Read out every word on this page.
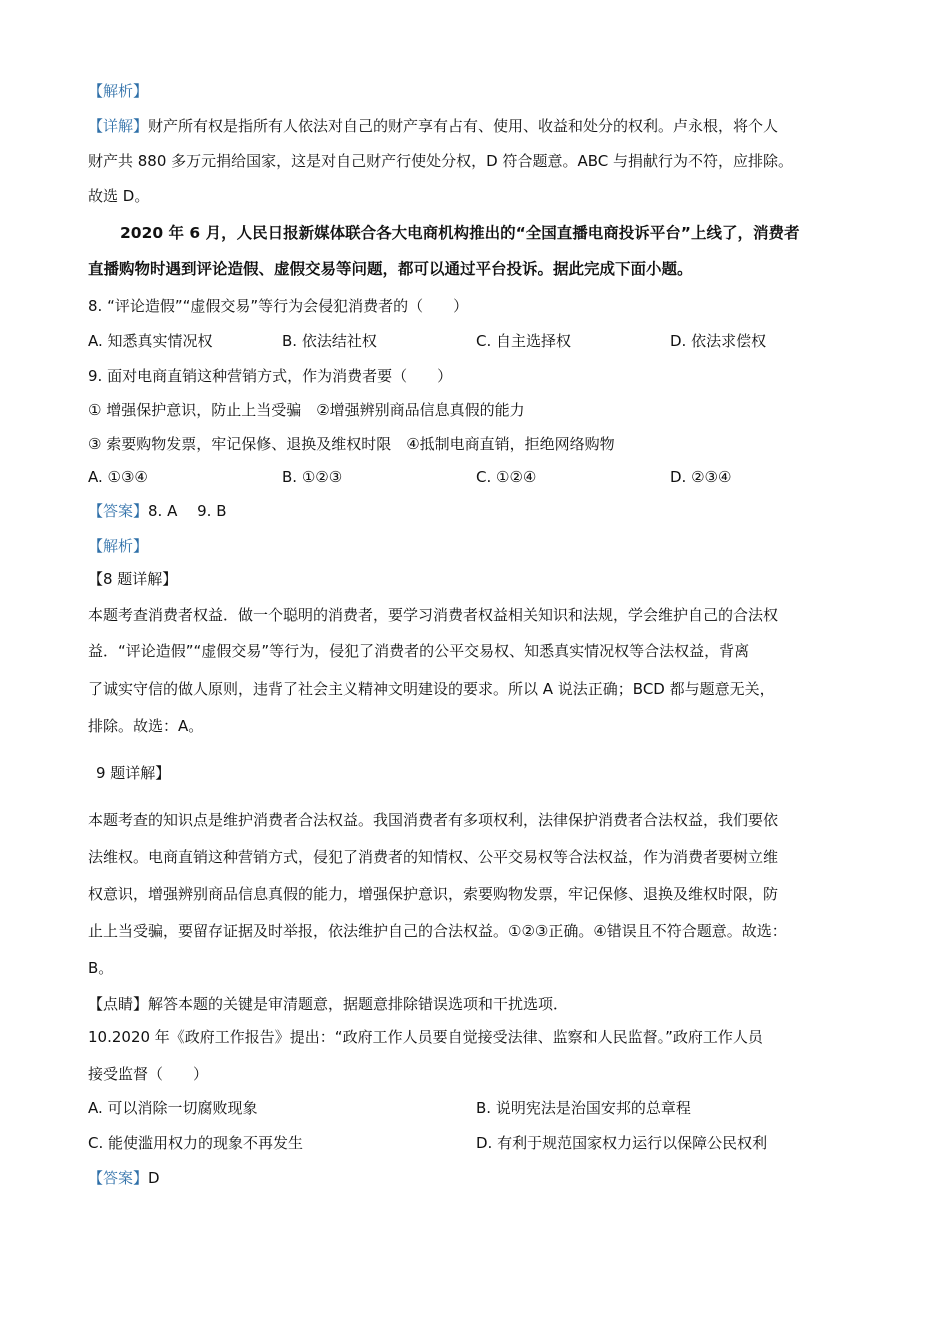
【解析】
【详解】财产所有权是指所有人依法对自己的财产享有占有、使用、收益和处分的权利。卢永根，将个人
财产共 880 多万元捐给国家，这是对自己财产行使处分权，D 符合题意。ABC 与捐献行为不符，应排除。
故选 D。
2020 年 6 月，人民日报新媒体联合各大电商机构推出的“全国直播电商投诉平台”上线了，消费者
直播购物时遇到评论造假、虚假交易等问题，都可以通过平台投诉。据此完成下面小题。
8. “评论造假”“虚假交易”等行为会侵犯消费者的（　　）
A. 知悉真实情况权	B. 依法结社权	C. 自主选择权	D. 依法求偿权
9. 面对电商直销这种营销方式，作为消费者要（　　）
① 增强保护意识，防止上当受骗　②增强辨别商品信息真假的能力
③ 索要购物发票，牢记保修、退换及维权时限　④抵制电商直销，拒绝网络购物
A. ①③④	B. ①②③	C. ①②④	D. ②③④
【答案】8. A　 9. B
【解析】
【8 题详解】
本题考查消费者权益．做一个聪明的消费者，要学习消费者权益相关知识和法规，学会维护自己的合法权
益．“评论造假”“虚假交易”等行为，侵犯了消费者的公平交易权、知悉真实情况权等合法权益，背离
了诚实守信的做人原则，违背了社会主义精神文明建设的要求。所以 A 说法正确；BCD 都与题意无关，
排除。故选：A。
9 题详解】
本题考查的知识点是维护消费者合法权益。我国消费者有多项权利，法律保护消费者合法权益，我们要依
法维权。电商直销这种营销方式，侵犯了消费者的知情权、公平交易权等合法权益，作为消费者要树立维
权意识，增强辨别商品信息真假的能力，增强保护意识，索要购物发票，牢记保修、退换及维权时限，防
止上当受骗，要留存证据及时举报，依法维护自己的合法权益。①②③正确。④错误且不符合题意。故选：
B。
【点睛】解答本题的关键是审清题意，据题意排除错误选项和干扰选项．
10.2020 年《政府工作报告》提出：“政府工作人员要自觉接受法律、监察和人民监督。”政府工作人员
接受监督（　　）
A. 可以消除一切腐败现象	B. 说明宪法是治国安邦的总章程
C. 能使滥用权力的现象不再发生	D. 有利于规范国家权力运行以保障公民权利
【答案】D
